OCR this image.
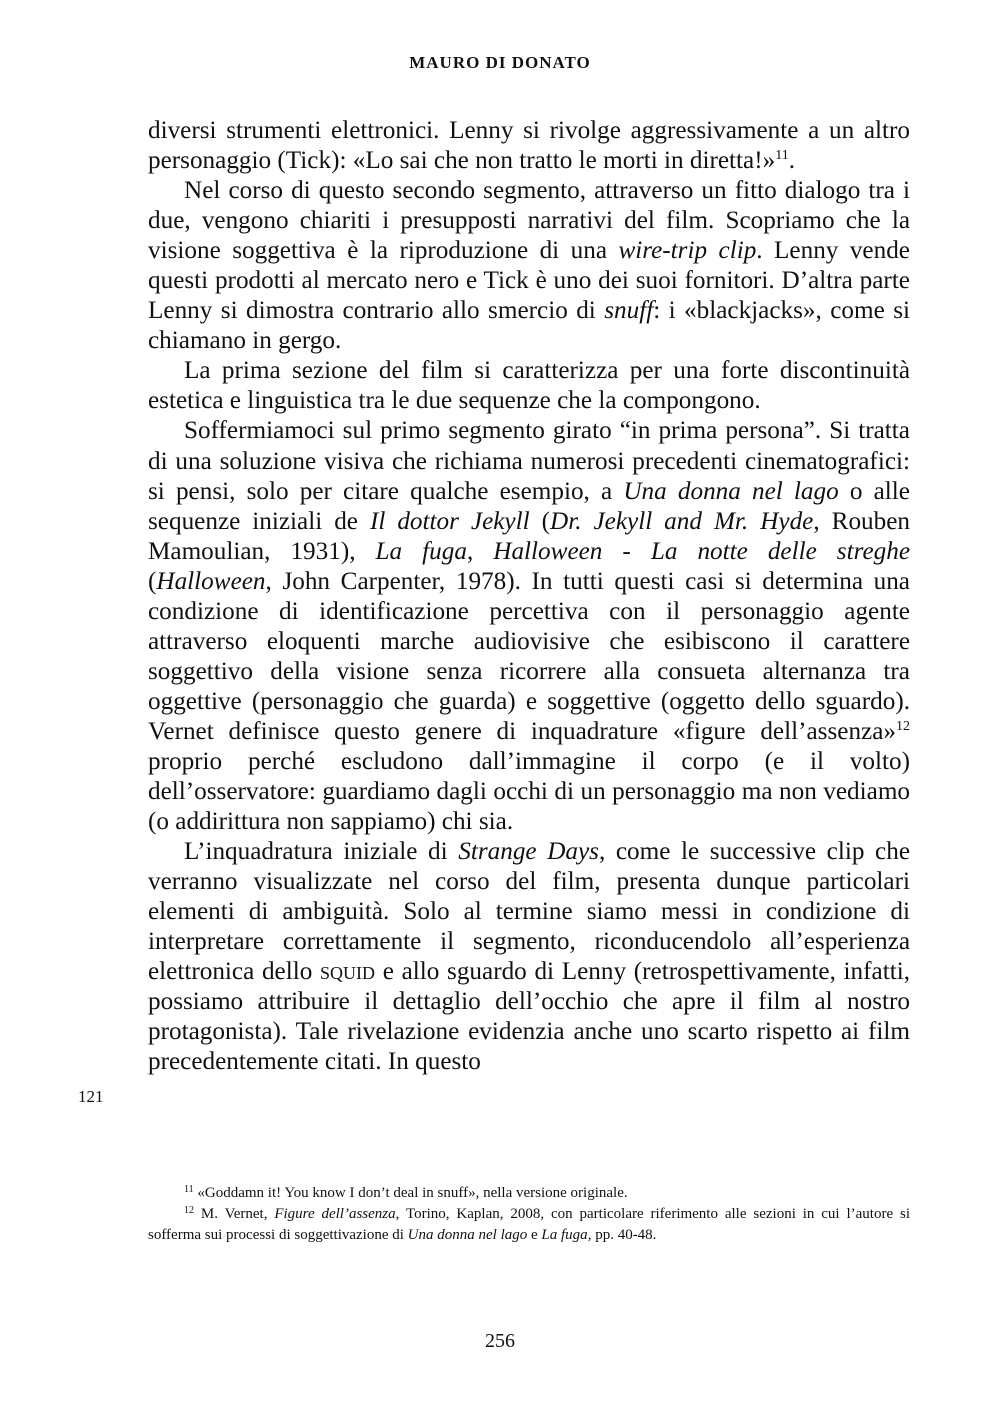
MAURO DI DONATO

diversi strumenti elettronici. Lenny si rivolge aggressivamente a un altro personaggio (Tick): «Lo sai che non tratto le morti in diretta!»$^{11}$.

Nel corso di questo secondo segmento, attraverso un fitto dialogo tra i due, vengono chiariti i presupposti narrativi del film. Scopriamo che la visione soggettiva è la riproduzione di una wire-trip clip. Lenny vende questi prodotti al mercato nero e Tick è uno dei suoi fornitori. D’altra parte Lenny si dimostra contrario allo smercio di snuff: i «blackjacks», come si chiamano in gergo.

La prima sezione del film si caratterizza per una forte discontinuità estetica e linguistica tra le due sequenze che la compongono.

Soffermiamoci sul primo segmento girato “in prima persona”. Si tratta di una soluzione visiva che richiama numerosi precedenti cinematografici: si pensi, solo per citare qualche esempio, a Una donna nel lago o alle sequenze iniziali de Il dottor Jekyll (Dr. Jekyll and Mr. Hyde, Rouben Mamoulian, 1931), La fuga, Halloween - La notte delle streghe (Halloween, John Carpenter, 1978). In tutti questi casi si determina una condizione di identificazione percettiva con il personaggio agente attraverso eloquenti marche audiovisive che esibiscono il carattere soggettivo della visione senza ricorrere alla consueta alternanza tra oggettive (personaggio che guarda) e soggettive (oggetto dello sguardo). Vernet definisce questo genere di inquadrature «figure dell’assenza»$^{12}$ proprio perché escludono dall’immagine il corpo (e il volto) dell’osservatore: guardiamo dagli occhi di un personaggio ma non vediamo (o addirittura non sappiamo) chi sia.

L’inquadratura iniziale di Strange Days, come le successive clip che verranno visualizzate nel corso del film, presenta dunque particolari elementi di ambiguità. Solo al termine siamo messi in condizione di interpretare correttamente il segmento, riconducendolo all’esperienza elettronica dello squid e allo sguardo di Lenny (retrospettivamente, infatti, possiamo attribuire il dettaglio dell’occhio che apre il film al nostro protagonista). Tale rivelazione evidenzia anche uno scarto rispetto ai film precedentemente citati. In questo

121

$^{11}$ «Goddamn it! You know I don’t deal in snuff», nella versione originale.

$^{12}$ M. Vernet, Figure dell’assenza, Torino, Kaplan, 2008, con particolare riferimento alle sezioni in cui l’autore si sofferma sui processi di soggettivazione di Una donna nel lago e La fuga, pp. 40-48.

256
